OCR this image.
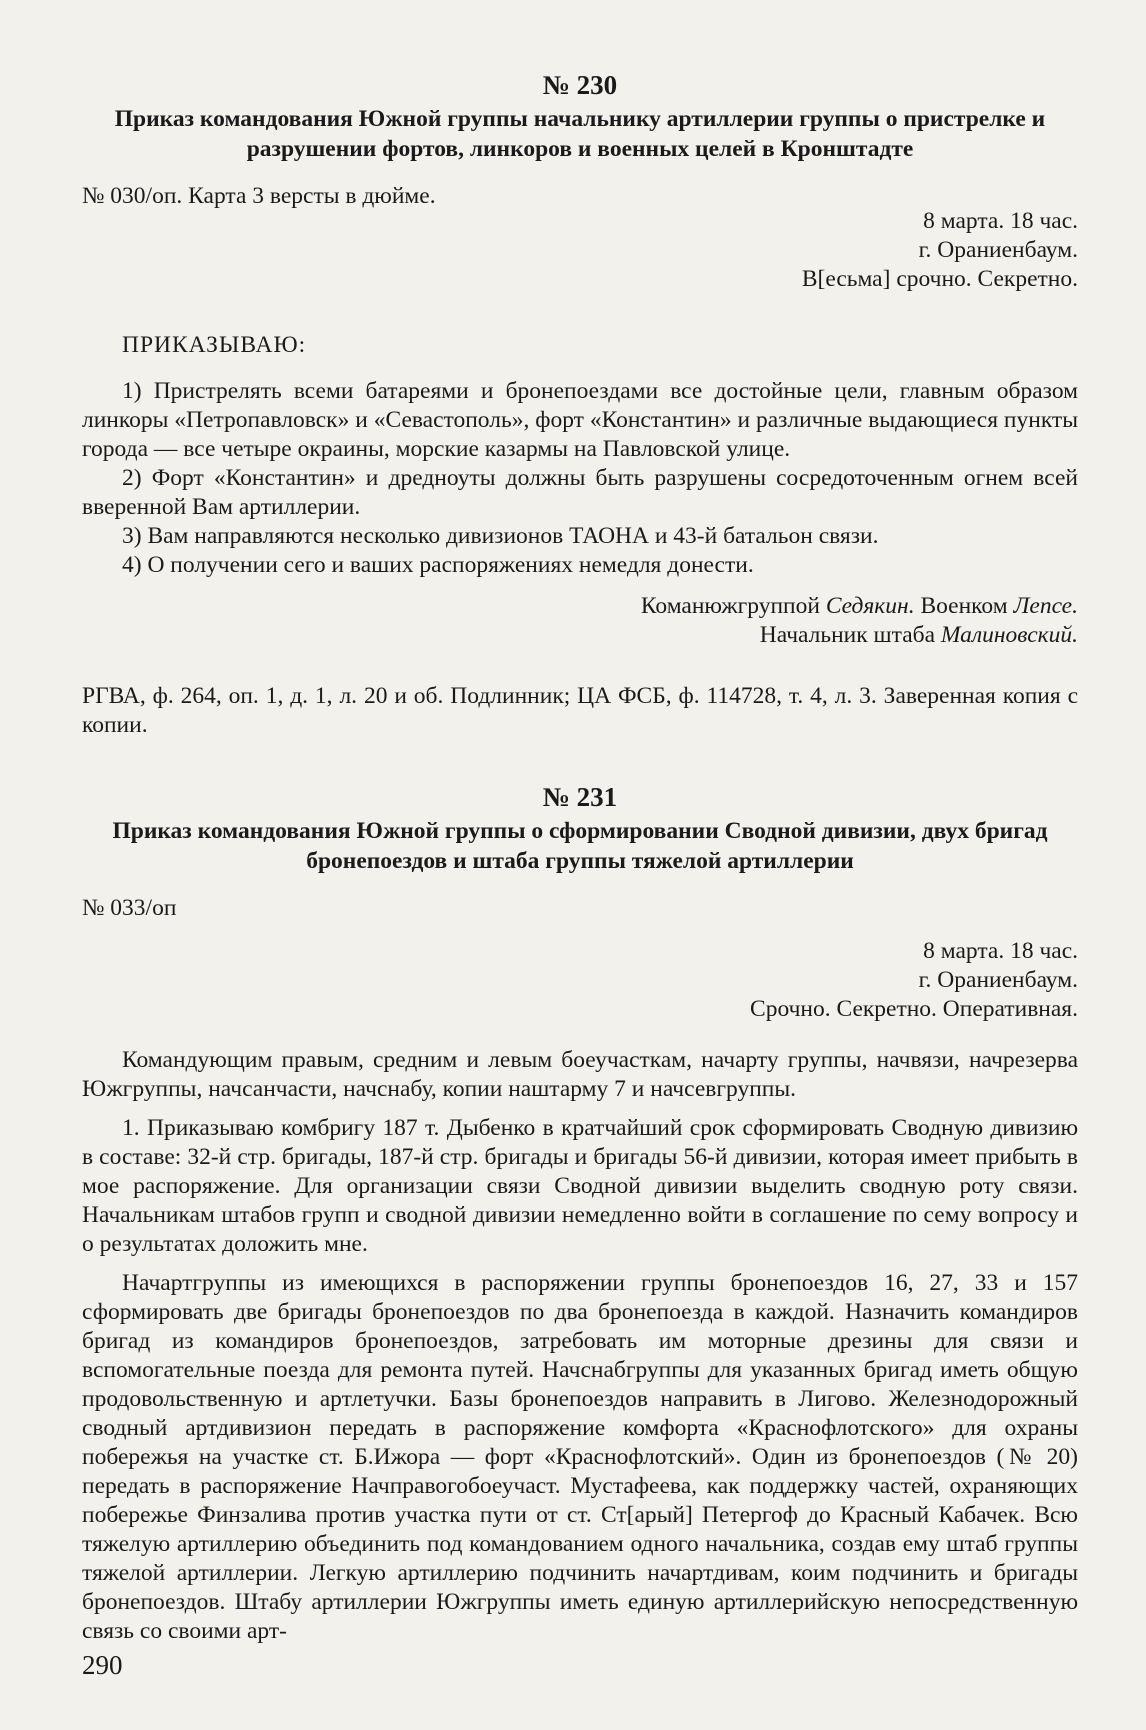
№ 230
Приказ командования Южной группы начальнику артиллерии группы о пристрелке и разрушении фортов, линкоров и военных целей в Кронштадте
№ 030/оп. Карта 3 версты в дюйме.
8 марта. 18 час.
г. Ораниенбаум.
В[есьма] срочно. Секретно.
ПРИКАЗЫВАЮ:

1) Пристрелять всеми батареями и бронепоездами все достойные цели, главным образом линкоры «Петропавловск» и «Севастополь», форт «Константин» и различные выдающиеся пункты города — все четыре окраины, морские казармы на Павловской улице.

2) Форт «Константин» и дредноуты должны быть разрушены сосредоточенным огнем всей вверенной Вам артиллерии.

3) Вам направляются несколько дивизионов ТАОНА и 43-й батальон связи.

4) О получении сего и ваших распоряжениях немедля донести.

Команюжгруппой Седякин. Военком Лепсе.
Начальник штаба Малиновский.

РГВА, ф. 264, оп. 1, д. 1, л. 20 и об. Подлинник; ЦА ФСБ, ф. 114728, т. 4, л. 3. Заверенная копия с копии.

№ 231
Приказ командования Южной группы о сформировании Сводной дивизии, двух бригад бронепоездов и штаба группы тяжелой артиллерии
№ 033/оп
8 марта. 18 час.
г. Ораниенбаум.
Срочно. Секретно. Оперативная.

Командующим правым, средним и левым боеучасткам, начарту группы, начвязи, начрезерва Южгруппы, начсанчасти, начснабу, копии наштарму 7 и начсевгруппы.

1. Приказываю комбригу 187 т. Дыбенко в кратчайший срок сформировать Сводную дивизию в составе: 32-й стр. бригады, 187-й стр. бригады и бригады 56-й дивизии, которая имеет прибыть в мое распоряжение. Для организации связи Сводной дивизии выделить сводную роту связи. Начальникам штабов групп и сводной дивизии немедленно войти в соглашение по сему вопросу и о результатах доложить мне.

Начартгруппы из имеющихся в распоряжении группы бронепоездов 16, 27, 33 и 157 сформировать две бригады бронепоездов по два бронепоезда в каждой. Назначить командиров бригад из командиров бронепоездов, затребовать им моторные дрезины для связи и вспомогательные поезда для ремонта путей. Начснабгруппы для указанных бригад иметь общую продовольственную и артлетучки. Базы бронепоездов направить в Лигово. Железнодорожный сводный артдивизион передать в распоряжение комфорта «Краснофлотского» для охраны побережья на участке ст. Б.Ижора — форт «Краснофлотский». Один из бронепоездов (№ 20) передать в распоряжение Начправогобоеучаст. Мустафеева, как поддержку частей, охраняющих побережье Финзалива против участка пути от ст. Ст[арый] Петергоф до Красный Кабачек. Всю тяжелую артиллерию объединить под командованием одного начальника, создав ему штаб группы тяжелой артиллерии. Легкую артиллерию подчинить начартдивам, коим подчинить и бригады бронепоездов. Штабу артиллерии Южгруппы иметь единую артиллерийскую непосредственную связь со своими арт-

290
